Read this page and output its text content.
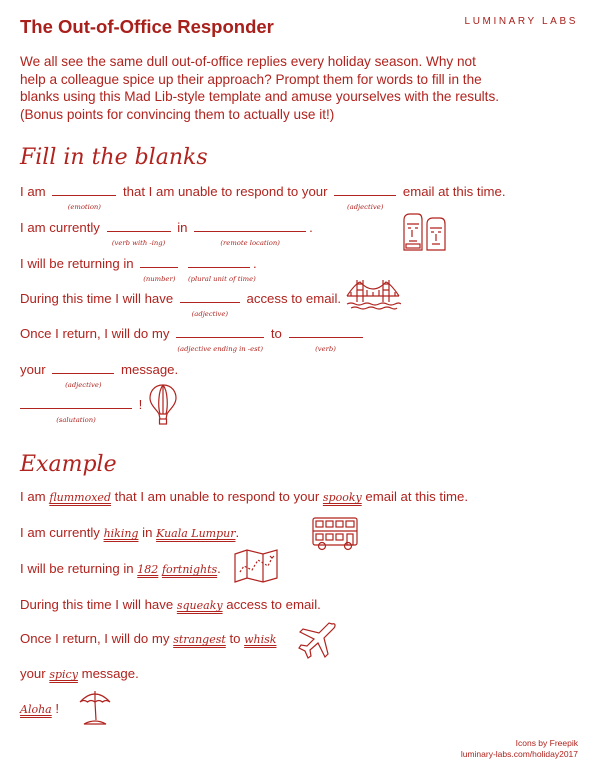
The Out-of-Office Responder	LUMINARY LABS
We all see the same dull out-of-office replies every holiday season. Why not
help a colleague spice up their approach? Prompt them for words to fill in the
blanks using this Mad Lib-style template and amuse yourselves with the results.
(Bonus points for convincing them to actually use it!)
Fill in the blanks
I am
(emotion)
that I am unable to respond to your
(adjective)
email at this time.
I am currently
(verb with -ing)
in
(remote location)
.
I will be returning in
(number)
	(plural unit of time)
.
During this time I will have
(adjective)
access to email.
Once I return, I will do my
(adjective ending in -est)
to
(verb)
your
(adjective)
message.
(salutation)
!
Example
I am flummoxed that I am unable to respond to your spooky email at this time.
I am currently hiking in Kuala Lumpur.
I will be returning in 182 fortnights.
During this time I will have squeaky access to email.
Once I return, I will do my strangest to whisk
your spicy message.
Aloha !
Icons by Freepik
luminary-labs.com/holiday2017
